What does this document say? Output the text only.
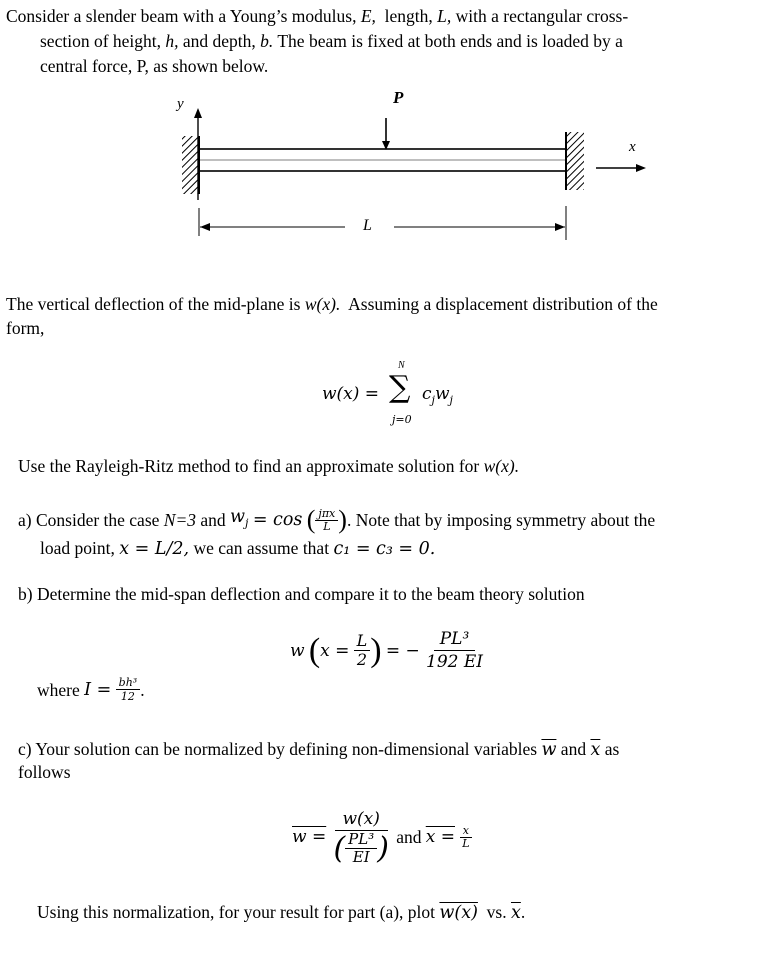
Consider a slender beam with a Young’s modulus, E, length, L, with a rectangular cross-
section of height, h, and depth, b. The beam is fixed at both ends and is loaded by a
central force, P, as shown below.
P
y
x
L
The vertical deflection of the mid-plane is w(x). Assuming a displacement distribution of the
form,
w(x) =
N
∑
j=0
$c_jw_j$
Use the Rayleigh-Ritz method to find an approximate solution for w(x).
a) Consider the case
N=3
and
$w_j$
= cos
( $\frac{\text{jπx}}{L}$ ) . Note that by imposing symmetry about the
load point, x = L/2, we can assume that c₁ = c₃ = 0.
b) Determine the mid-span deflection and compare it to the beam theory solution
w
( x =
$\frac{L}{2}$ )
= −
$\frac{\text{PL³}}{192 EI}$
where
I =
$\frac{\text{bh³}}{12}$ .
c) Your solution can be normalized by defining non-dimensional variables $\overline{w}$ and $\overline{x}$ as
follows
w =
$\frac{w(x)}{( \frac{\text{PL³}}{EI} )}$
and
x =
$\frac{x}{L}$
Using this normalization, for your result for part (a), plot w(x) vs. $\overline{x}$.
